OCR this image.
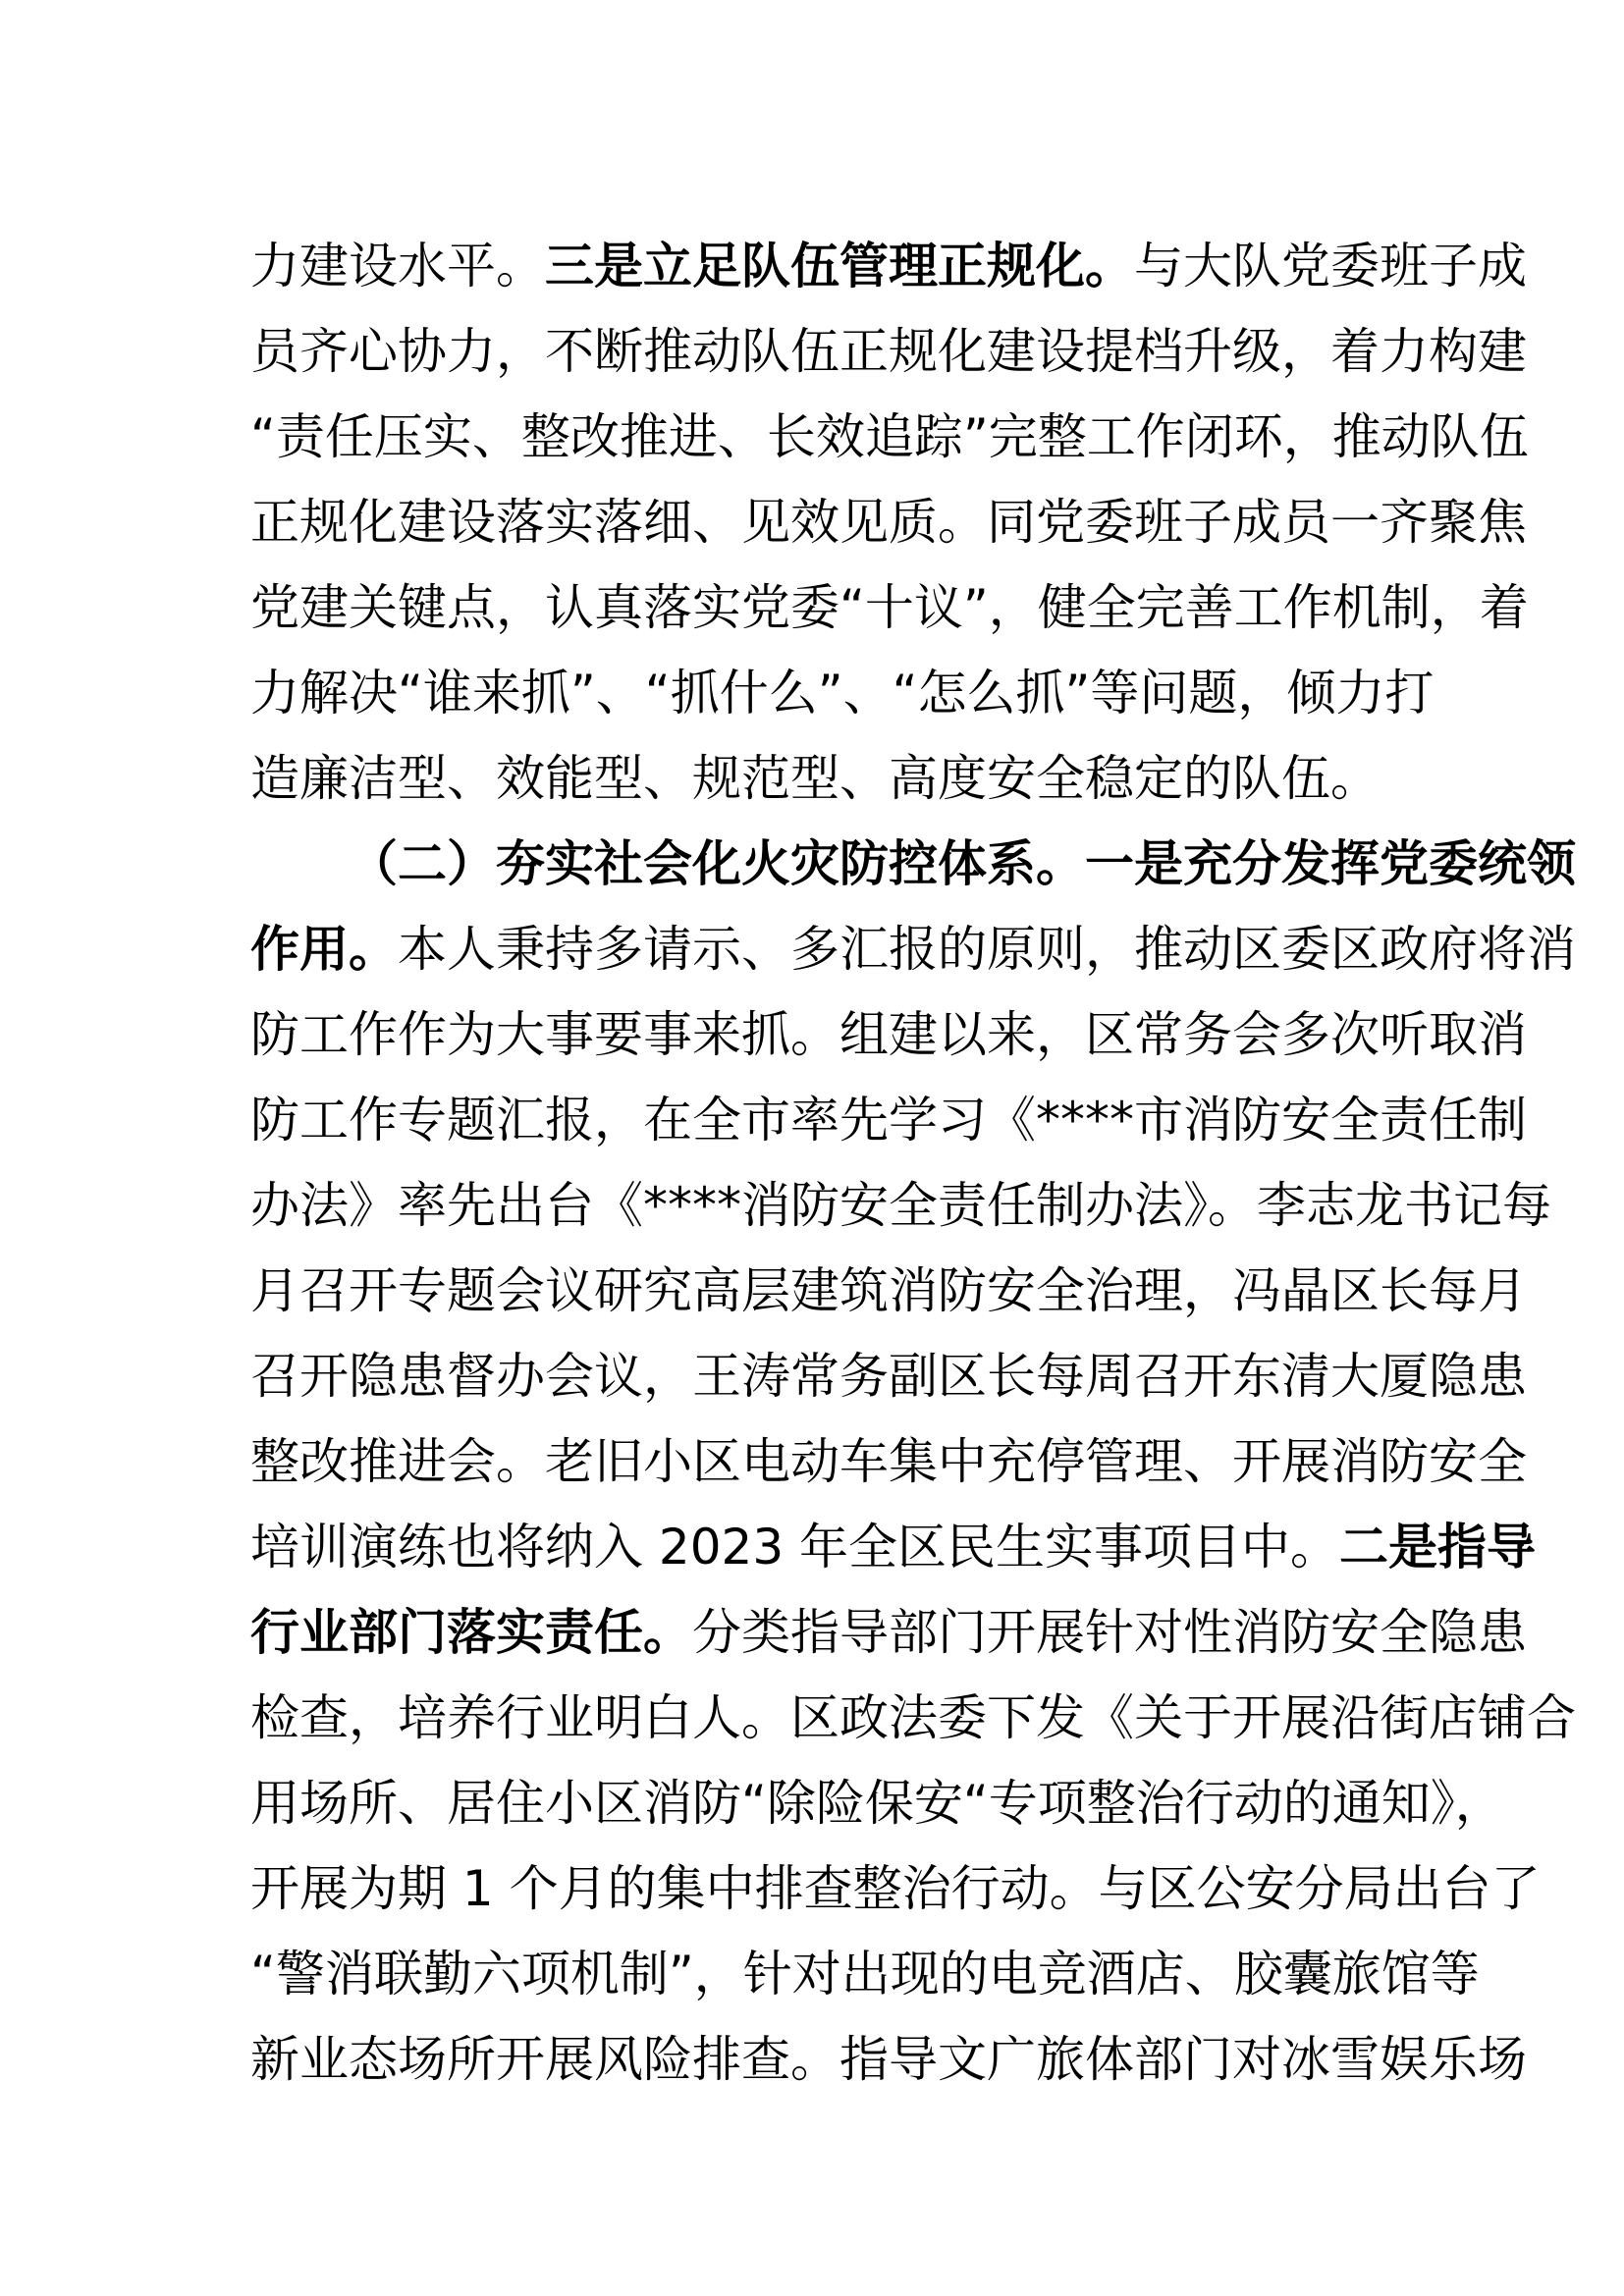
力建设水平。三是立足队伍管理正规化。与大队党委班子成
员齐心协力，不断推动队伍正规化建设提档升级，着力构建
“责任压实、整改推进、长效追踪”完整工作闭环，推动队伍
正规化建设落实落细、见效见质。同党委班子成员一齐聚焦
党建关键点，认真落实党委“十议”，健全完善工作机制，着
力解决“谁来抓”、“抓什么”、“怎么抓”等问题，倾力打
造廉洁型、效能型、规范型、高度安全稳定的队伍。
（二）夯实社会化火灾防控体系。一是充分发挥党委统领
作用。本人秉持多请示、多汇报的原则，推动区委区政府将消
防工作作为大事要事来抓。组建以来，区常务会多次听取消
防工作专题汇报，在全市率先学习《****市消防安全责任制
办法》率先出台《****消防安全责任制办法》。李志龙书记每
月召开专题会议研究高层建筑消防安全治理，冯晶区长每月
召开隐患督办会议，王涛常务副区长每周召开东清大厦隐患
整改推进会。老旧小区电动车集中充停管理、开展消防安全
培训演练也将纳入 2023 年全区民生实事项目中。二是指导
行业部门落实责任。分类指导部门开展针对性消防安全隐患
检查，培养行业明白人。区政法委下发《关于开展沿街店铺合
用场所、居住小区消防“除险保安“专项整治行动的通知》，
开展为期 1 个月的集中排查整治行动。与区公安分局出台了
“警消联勤六项机制”，针对出现的电竞酒店、胶囊旅馆等
新业态场所开展风险排查。指导文广旅体部门对冰雪娱乐场
